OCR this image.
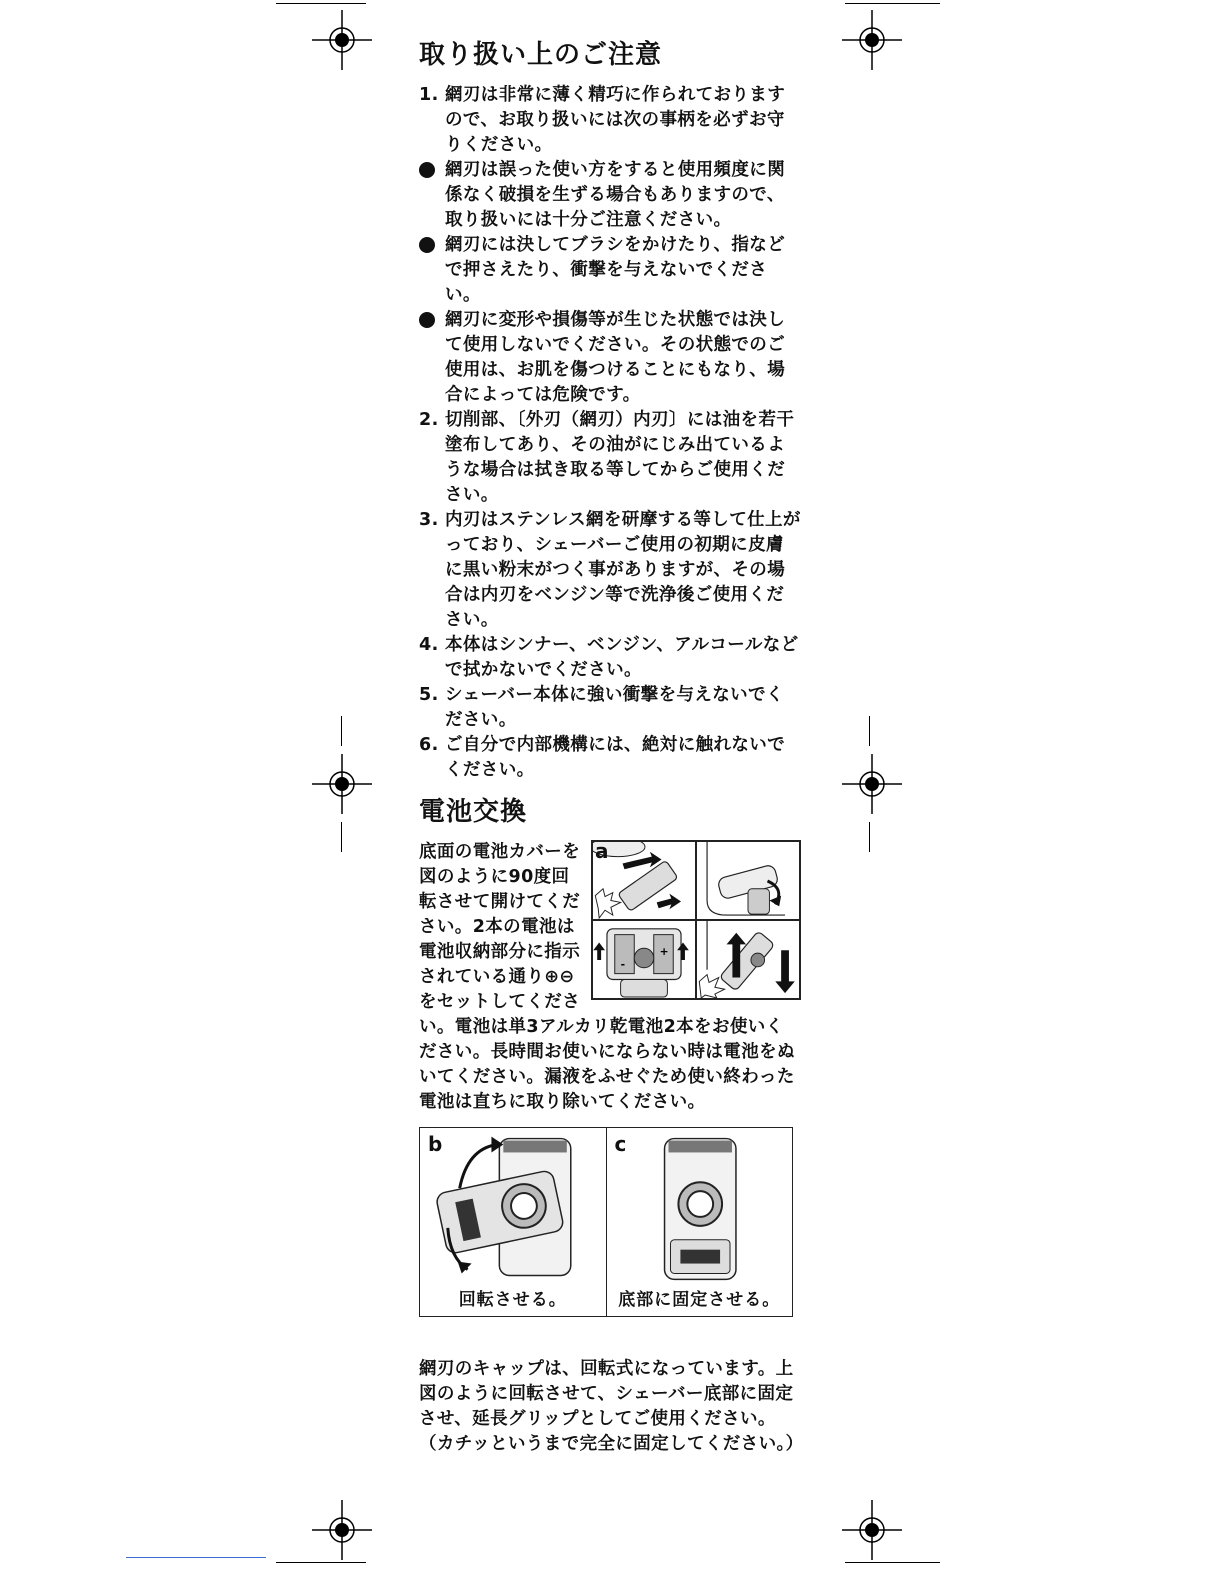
取り扱い上のご注意

1. 網刃は非常に薄く精巧に作られておりますので、お取り扱いには次の事柄を必ずお守りください。

網刃は誤った使い方をすると使用頻度に関係なく破損を生ずる場合もありますので、取り扱いには十分ご注意ください。

網刃には決してブラシをかけたり、指などで押さえたり、衝撃を与えないでください。

網刃に変形や損傷等が生じた状態では決して使用しないでください。その状態でのご使用は、お肌を傷つけることにもなり、場合によっては危険です。

2. 切削部、〔外刃（網刃）内刃〕には油を若干塗布してあり、その油がにじみ出ているような場合は拭き取る等してからご使用ください。

3. 内刃はステンレス網を研摩する等して仕上がっており、シェーバーご使用の初期に皮膚に黒い粉末がつく事がありますが、その場合は内刃をベンジン等で洗浄後ご使用ください。

4. 本体はシンナー、ベンジン、アルコールなどで拭かないでください。

5. シェーバー本体に強い衝撃を与えないでください。

6. ご自分で内部機構には、絶対に触れないでください。

電池交換
a
+
-

底面の電池カバーを図のように90度回転させて開けてください。2本の電池は電池収納部分に指示されている通り⊕⊖をセットしてください。電池は単3アルカリ乾電池2本をお使いください。長時間お使いにならない時は電池をぬいてください。漏液をふせぐため使い終わった電池は直ちに取り除いてください。

b
回転させる。
c
底部に固定させる。

網刃のキャップは、回転式になっています。上図のように回転させて、シェーバー底部に固定させ、延長グリップとしてご使用ください。（カチッというまで完全に固定してください。）
